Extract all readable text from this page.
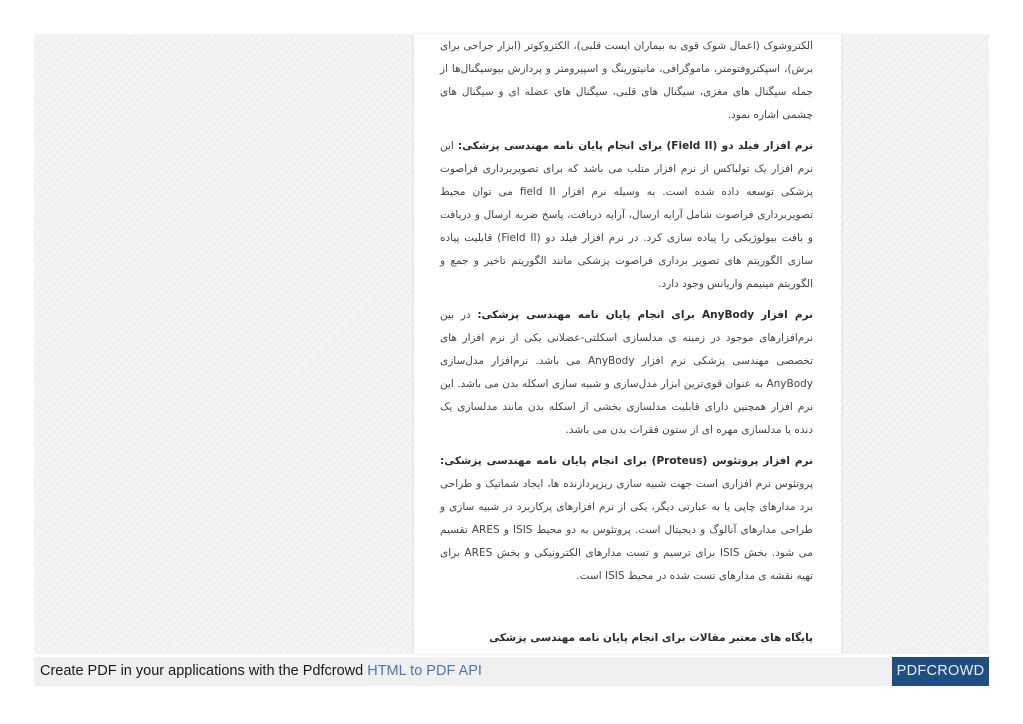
الکتروشوک (اعمال شوک قوی به بیماران ایست قلبی)، الکتروکوتر (ابزار جراحی برای برش)، اسپکتروفتومتر، ماموگرافی، مانیتورینگ و اسپیرومتر و پردازش بیوسیگنال‌ها از جمله سیگنال های مغزی، سیگنال های قلبی، سیگنال های عضله ای و سیگنال های چشمی اشاره نمود.

نرم افزار فیلد دو (Field II) برای انجام پایان نامه مهندسی پزشکی: این نرم افزار یک تولباکس از نرم افزار متلب می باشد که برای تصویربرداری فراصوت پزشکی توسعه داده شده است. به وسیله نرم افزار field II می توان محیط تصویربرداری فراصوت شامل آرایه ارسال، آرایه دریافت، پاسخ ضربه ارسال و دریافت و بافت بیولوژیکی را پیاده سازی کرد. در نرم افزار فیلد دو (Field II) قابلیت پیاده سازی الگوریتم های تصویر برداری فراصوت پزشکی مانند الگوریتم تاخیر و جمع و الگوریتم مینیمم واریانس وجود دارد.

نرم افزار AnyBody برای انجام پایان نامه مهندسی پزشکی: در بین نرم‌افزارهای موجود در زمینه ی مدلسازی اسکلتی-عضلانی یکی از نرم افزار های تخصصی مهندسی پزشکی نرم افزار AnyBody می باشد. نرم‌افزار مدل‌سازی AnyBody به عنوان قوی‌ترین ابزار مدل‌سازی و شبیه سازی اسکله بدن می باشد. این نرم افزار همچنین دارای قابلیت مدلسازی بخشی از اسکله بدن مانند مدلسازی یک دنده یا مدلسازی مهره ای از ستون فقرات بدن می باشد.

نرم افزار پروتئوس (Proteus) برای انجام پایان نامه مهندسی پزشکی: پروتئوس نرم افزاری است جهت شبیه سازی ریزپردازنده ها، ایجاد شماتیک و طراحی برد مدارهای چاپی یا به عبارتی دیگر، یکی از نرم افزارهای پرکاربرد در شبیه سازی و طراحی مدارهای آنالوگ و دیجیتال است. پروتئوس به دو محیط ISIS و ARES تقسیم می شود. بخش ISIS برای ترسیم و تست مدارهای الکترونیکی و بخش ARES برای تهیه نقشه ی مدارهای تست شده در محیط ISIS است.

پایگاه های معتبر مقالات برای انجام پایان نامه مهندسی پزشکی
Create PDF in your applications with the Pdfcrowd HTML to PDF API	PDFCROWD
